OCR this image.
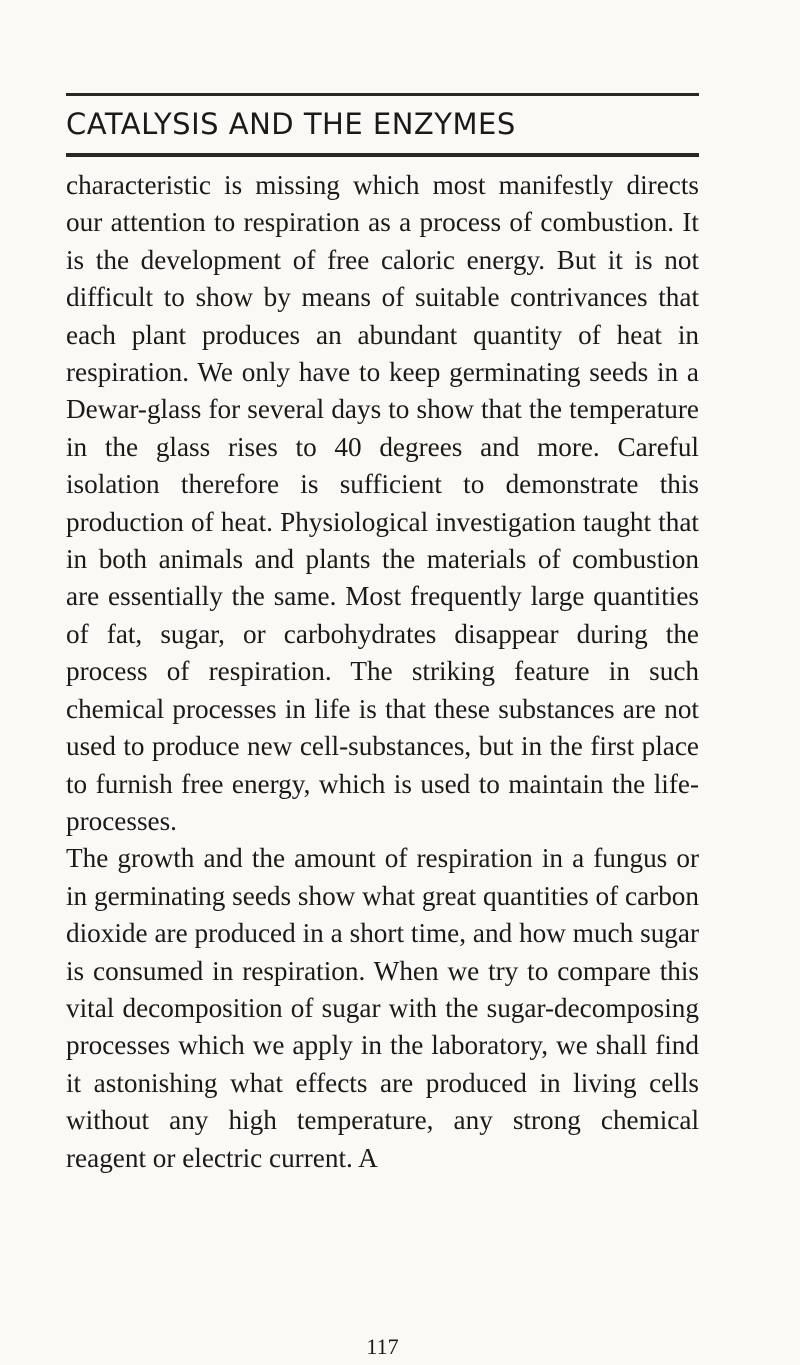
CATALYSIS AND THE ENZYMES

characteristic is missing which most manifestly directs our attention to respiration as a process of combustion. It is the development of free caloric energy. But it is not difficult to show by means of suitable contrivances that each plant produces an abundant quantity of heat in respiration. We only have to keep germinating seeds in a Dewar-glass for several days to show that the temperature in the glass rises to 40 degrees and more. Careful isolation therefore is sufficient to demonstrate this production of heat. Physiological investigation taught that in both animals and plants the materials of combustion are essentially the same. Most frequently large quantities of fat, sugar, or carbohydrates disappear during the process of respiration. The striking feature in such chemical processes in life is that these substances are not used to produce new cell-substances, but in the first place to furnish free energy, which is used to maintain the life-processes.

The growth and the amount of respiration in a fungus or in germinating seeds show what great quantities of carbon dioxide are produced in a short time, and how much sugar is consumed in respiration. When we try to compare this vital decomposition of sugar with the sugar-decomposing processes which we apply in the laboratory, we shall find it astonishing what effects are produced in living cells without any high temperature, any strong chemical reagent or electric current. A

117
